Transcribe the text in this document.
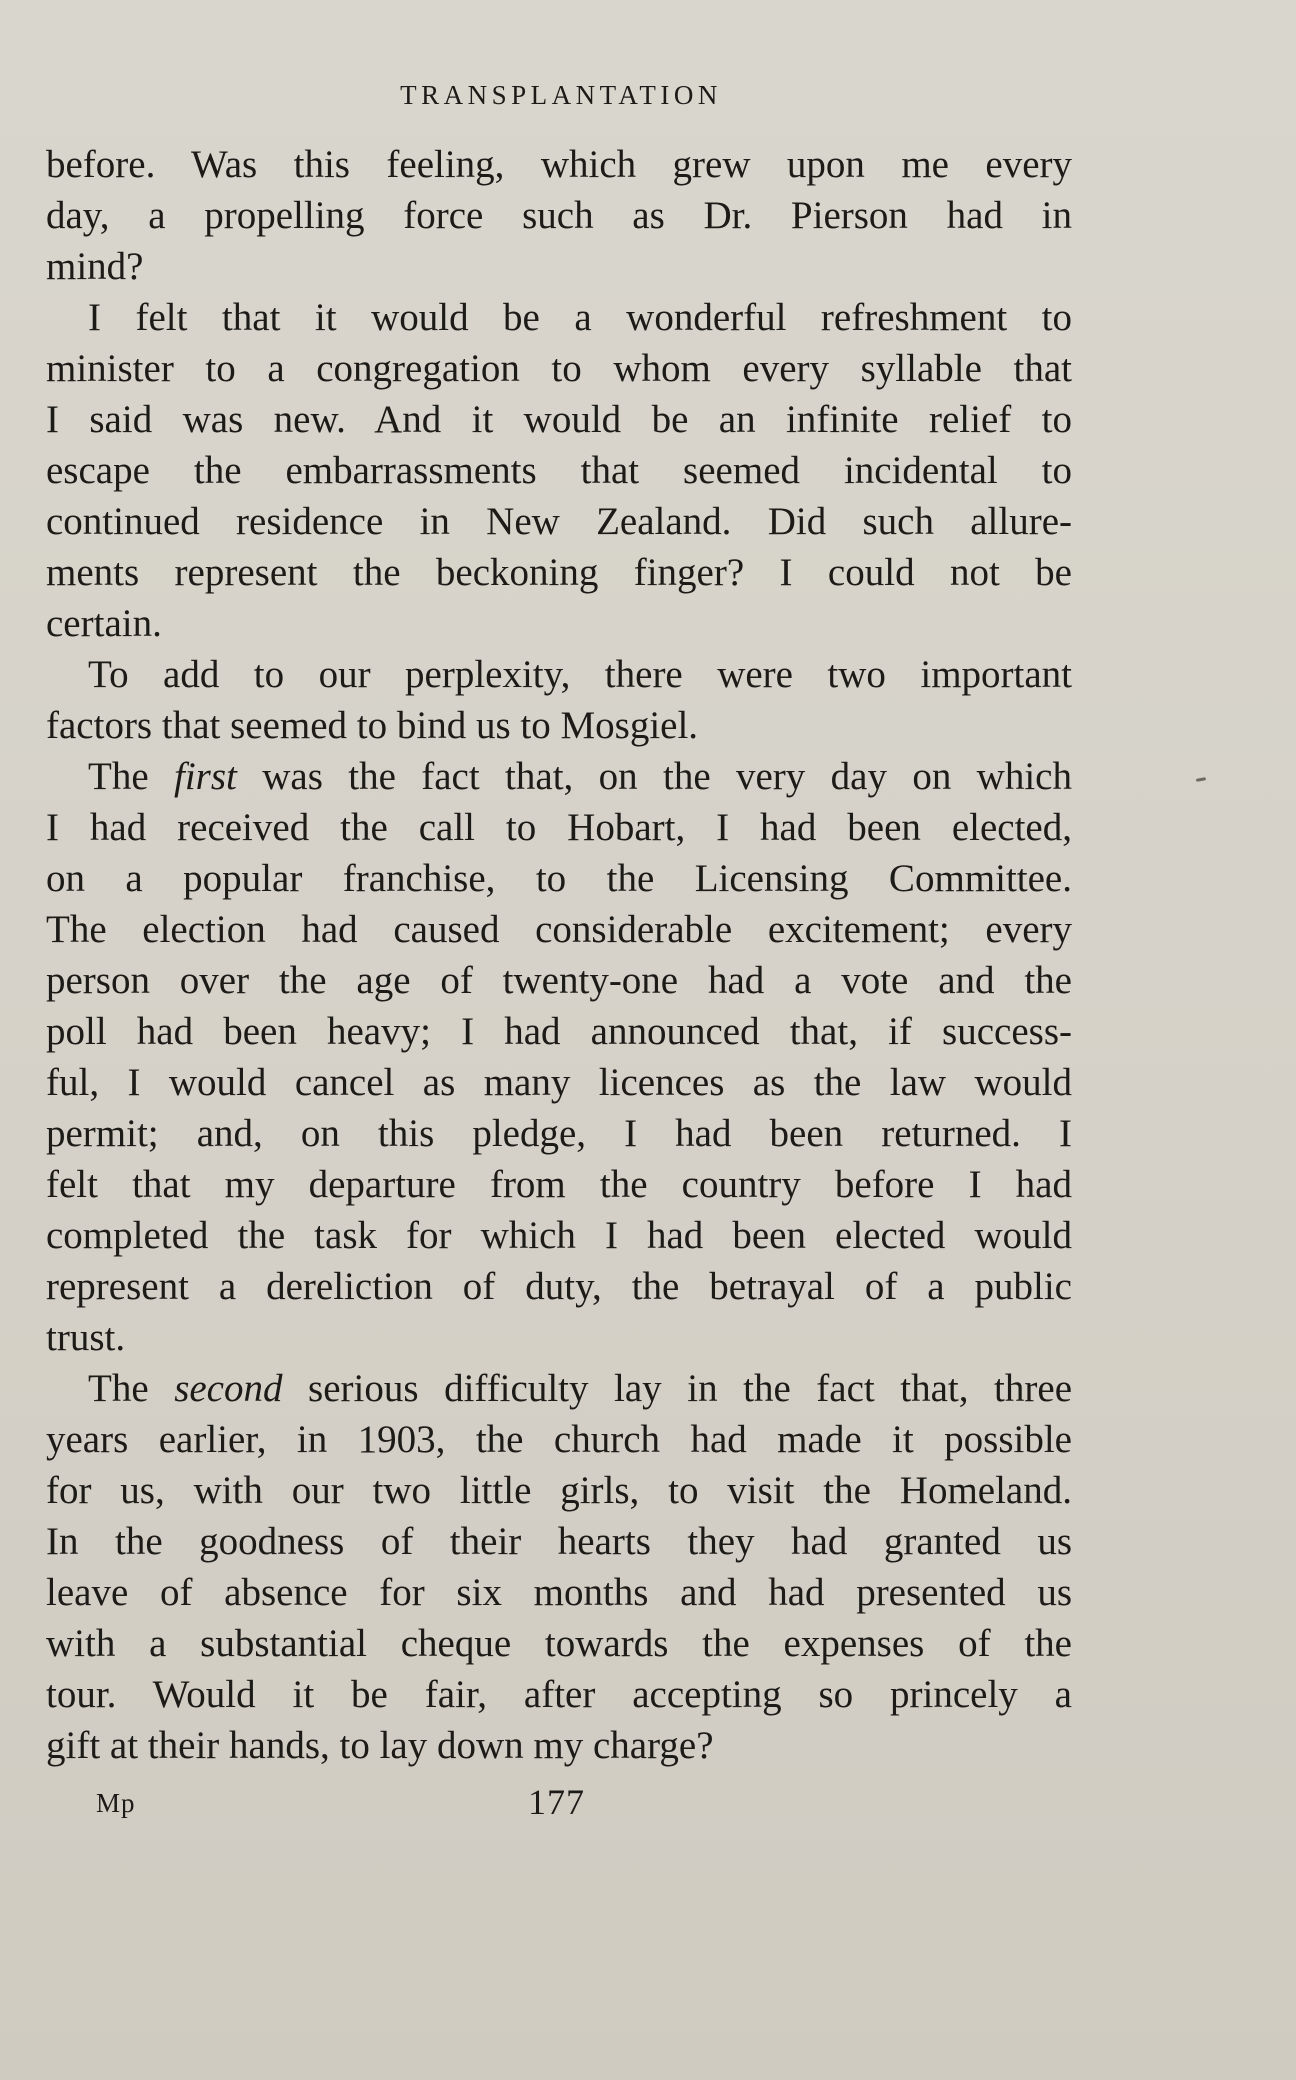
TRANSPLANTATION
before. Was this feeling, which grew upon me every
day, a propelling force such as Dr. Pierson had in
mind?
I felt that it would be a wonderful refreshment to
minister to a congregation to whom every syllable that
I said was new. And it would be an infinite relief to
escape the embarrassments that seemed incidental to
continued residence in New Zealand. Did such allure-
ments represent the beckoning finger? I could not be
certain.
To add to our perplexity, there were two important
factors that seemed to bind us to Mosgiel.
The first was the fact that, on the very day on which
I had received the call to Hobart, I had been elected,
on a popular franchise, to the Licensing Committee.
The election had caused considerable excitement; every
person over the age of twenty-one had a vote and the
poll had been heavy; I had announced that, if success-
ful, I would cancel as many licences as the law would
permit; and, on this pledge, I had been returned. I
felt that my departure from the country before I had
completed the task for which I had been elected would
represent a dereliction of duty, the betrayal of a public
trust.
The second serious difficulty lay in the fact that, three
years earlier, in 1903, the church had made it possible
for us, with our two little girls, to visit the Homeland.
In the goodness of their hearts they had granted us
leave of absence for six months and had presented us
with a substantial cheque towards the expenses of the
tour. Would it be fair, after accepting so princely a
gift at their hands, to lay down my charge?
Mp	177
